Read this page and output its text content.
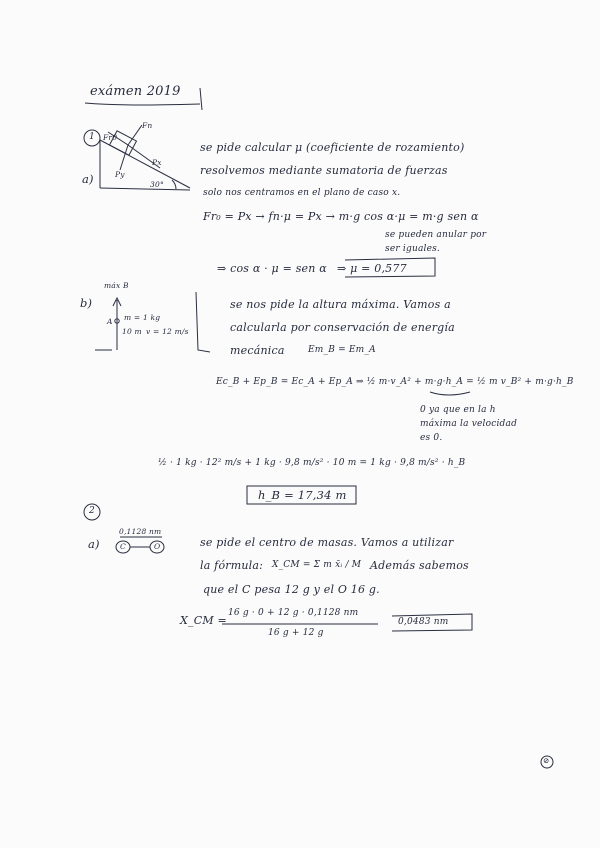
exámen 2019
1 Fr0
Fn
Px
Py
30°
a)
se pide calcular μ (coeficiente de rozamiento)
resolvemos mediante sumatoria de fuerzas
solo nos centramos en el plano de caso x.
Fr₀ = Px → fn·μ = Px → m·g cos α·μ = m·g sen α
se pueden anular por
ser iguales.
⇒ cos α · μ = sen α ⇒ μ = 0,577
máx B
b)
A m = 1 kg
10 m v = 12 m/s
se nos pide la altura máxima. Vamos a
calcularla por conservación de energía
mecánica	Em_B = Em_A
Ec_B + Ep_B = Ec_A + Ep_A ⇒ ½ m·v_A² + m·g·h_A = ½ m v_B² + m·g·h_B
0 ya que en la h
máxima la velocidad
es 0.
½ · 1 kg · 12² m/s + 1 kg · 9,8 m/s² · 10 m = 1 kg · 9,8 m/s² · h_B
h_B = 17,34 m
2
a)
0,1128 nm
C	O	se pide el centro de masas. Vamos a utilizar
la fórmula: X_CM = Σ m x̄ᵢ / M Además sabemos
que el C pesa 12 g y el O 16 g.
X_CM =
16 g · 0 + 12 g · 0,1128 nm
16 g + 12 g
0,0483 nm
⊘
